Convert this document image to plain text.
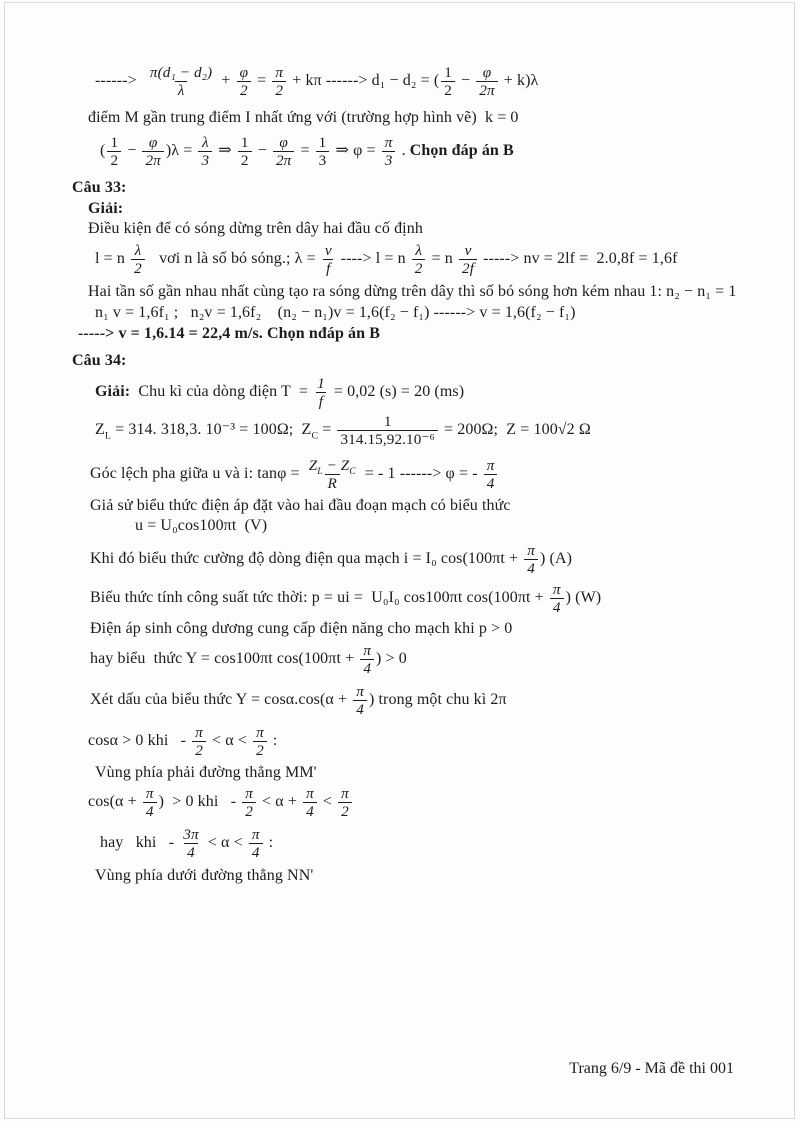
------> $\frac{\text{π(d₁ − d₂)}}{\lambda} + \frac{\varphi}{2} = \frac{\pi}{2} + k\pi$ ------> d₁ − d₂ = ( $\frac{1}{2} - \frac{\varphi}{2\pi} + k)\lambda$
điểm M gần trung điểm I nhất ứng với (trường hợp hình vẽ)  k = 0
( $\frac{1}{2} - \frac{\varphi}{2\pi} )\lambda = \frac{\lambda}{3}$ ⇒ $\frac{1}{2} - \frac{\varphi}{2\pi} = \frac{1}{3}$ ⇒ $\varphi = \frac{\pi}{3}$ . Chọn đáp án B
Câu 33:
Giải:
Điều kiện để có sóng dừng trên dây hai đầu cố định
l = n $\frac{\lambda}{2}$ vơi n là số bó sóng.; $\lambda = \frac{v}{f}$ ----> l = n $\frac{\lambda}{2} = n \frac{v}{2f}$ -----> nv = 2lf =  2.0,8f = 1,6f
Hai tần số gần nhau nhất cùng tạo ra sóng dừng trên dây thì số bó sóng hơn kém nhau 1: n₂ − n₁ = 1
n₁ v = 1,6f₁ ;   n₂v = 1,6f₂    (n₂ − n₁)v = 1,6(f₂ − f₁) ------> v = 1,6(f₂ − f₁)
-----> v = 1,6.14 = 22,4 m/s. Chọn nđáp án B
Câu 34:
Giải:  Chu kì của dòng điện $T = \frac{1}{f} = 0,02$ (s) = 20 (ms)
$Z_L = 314$. 318,3. 10⁻³ = 100Ω;  $Z_C = \frac{1}{\text{314.15,92.10⁻⁶}} = 200\Omega$;  Z = 100√2 Ω
Góc lệch pha giữa u và i: $\tan\varphi = \frac{Z_L - Z_C}{R}$ = - 1 ------> φ = - $\frac{\pi}{4}$
Giả sử biểu thức điện áp đặt vào hai đầu đoạn mạch có biểu thức
u = U₀cos100πt  (V)
Khi đó biểu thức cường độ dòng điện qua mạch i = I₀ $\cos(100\pi t + \frac{\pi}{4}$ ) (A)
Biểu thức tính công suất tức thời: p = ui =  U₀I₀ cos100πt $\cos(100\pi t + \frac{\pi}{4}$ ) (W)
Điện áp sinh công dương cung cấp điện năng cho mạch khi p > 0
hay biểu  thức Y = cos100πt $\cos(100\pi t + \frac{\pi}{4}$ ) > 0
Xét dấu của biểu thức $Y = \cos\alpha.\cos(\alpha + \frac{\pi}{4}$ ) trong một chu kì 2π
cosα > 0 khi   - $\frac{\pi}{2} < \alpha < \frac{\pi}{2}$ :
Vùng phía phải đường thẳng MM'
$\cos(\alpha + \frac{\pi}{4}$ )  > 0 khi   - $\frac{\pi}{2} < \alpha + \frac{\pi}{4} < \frac{\pi}{2}$
hay   khi   - $\frac{3\pi}{4} < \alpha < \frac{\pi}{4}$ :
Vùng phía dưới đường thẳng NN'
Trang 6/9 - Mã đề thi 001
